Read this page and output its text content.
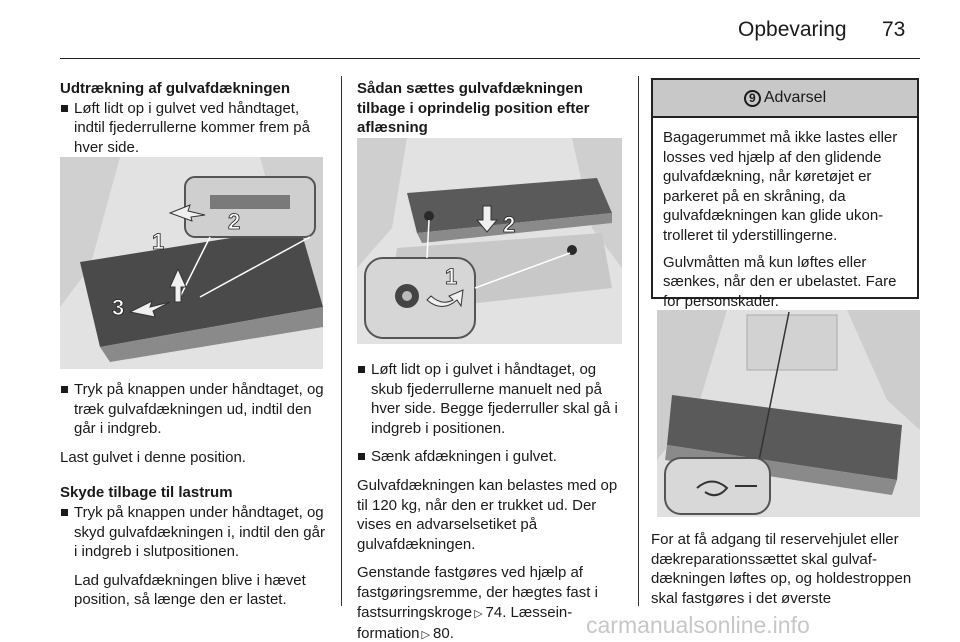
Opbevaring 73

Udtrækning af gulvafdækningen

Løft lidt op i gulvet ved håndtaget, indtil fjederrullerne kommer frem på hver side.

1
2
3

Tryk på knappen under håndtaget, og træk gulvafdækningen ud, indtil den går i indgreb.

Last gulvet i denne position.

Skyde tilbage til lastrum

Tryk på knappen under håndtaget, og skyd gulvafdækningen i, indtil den går i indgreb i slutpositionen.

Lad gulvafdækningen blive i hævet position, så længe den er lastet.

Sådan sættes gulvafdækningen tilbage i oprindelig position efter aflæsning

2
1

Løft lidt op i gulvet i håndtaget, og skub fjederrullerne manuelt ned på hver side. Begge fjederruller skal gå i indgreb i positionen.

Sænk afdækningen i gulvet.

Gulvafdækningen kan belastes med op til 120 kg, når den er trukket ud. Der vises en advarselsetiket på gulvafdækningen.

Genstande fastgøres ved hjælp af fastgøringsremme, der hægtes fast i fastsurringskroge ▷ 74. Læsseinformation ▷ 80.

9 Advarsel

Bagagerummet må ikke lastes eller losses ved hjælp af den glidende gulvafdækning, når køretøjet er parkeret på en skråning, da gulvafdækningen kan glide ukontrolleret til yderstillingerne.

Gulvmåtten må kun løftes eller sænkes, når den er ubelastet. Fare for personskader.

For at få adgang til reservehjulet eller dækreparationssættet skal gulvafdækningen løftes op, og holdestroppen skal fastgøres i det øverste

carmanualsonline.info
